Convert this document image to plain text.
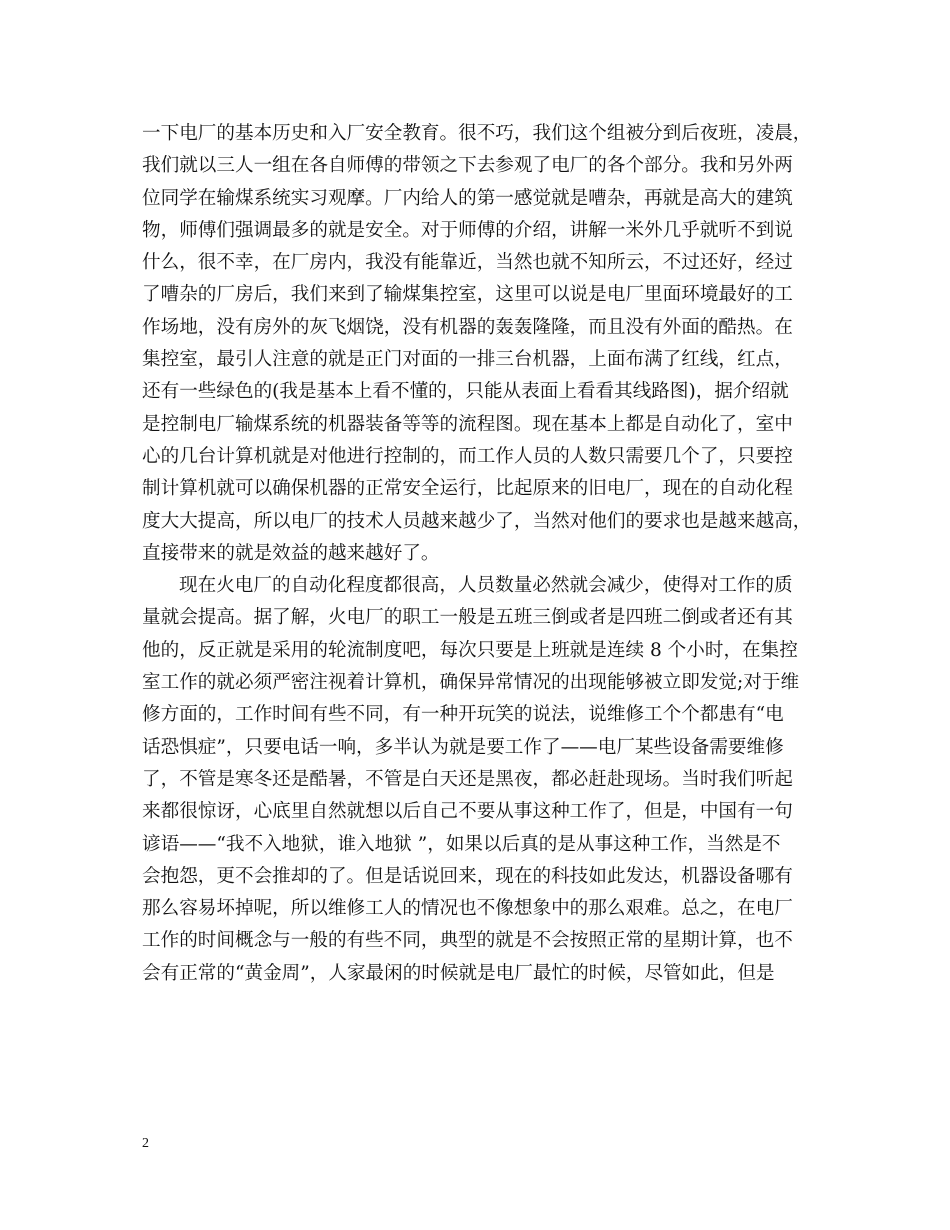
一下电厂的基本历史和入厂安全教育。很不巧，我们这个组被分到后夜班，凌晨，
我们就以三人一组在各自师傅的带领之下去参观了电厂的各个部分。我和另外两
位同学在输煤系统实习观摩。厂内给人的第一感觉就是嘈杂，再就是高大的建筑
物，师傅们强调最多的就是安全。对于师傅的介绍，讲解一米外几乎就听不到说
什么，很不幸，在厂房内，我没有能靠近，当然也就不知所云，不过还好，经过
了嘈杂的厂房后，我们来到了输煤集控室，这里可以说是电厂里面环境最好的工
作场地，没有房外的灰飞烟饶，没有机器的轰轰隆隆，而且没有外面的酷热。在
集控室，最引人注意的就是正门对面的一排三台机器，上面布满了红线，红点，
还有一些绿色的(我是基本上看不懂的，只能从表面上看看其线路图)，据介绍就
是控制电厂输煤系统的机器装备等等的流程图。现在基本上都是自动化了，室中
心的几台计算机就是对他进行控制的，而工作人员的人数只需要几个了，只要控
制计算机就可以确保机器的正常安全运行，比起原来的旧电厂，现在的自动化程
度大大提高，所以电厂的技术人员越来越少了，当然对他们的要求也是越来越高，
直接带来的就是效益的越来越好了。
现在火电厂的自动化程度都很高，人员数量必然就会减少，使得对工作的质
量就会提高。据了解，火电厂的职工一般是五班三倒或者是四班二倒或者还有其
他的，反正就是采用的轮流制度吧，每次只要是上班就是连续 8 个小时，在集控
室工作的就必须严密注视着计算机，确保异常情况的出现能够被立即发觉;对于维
修方面的，工作时间有些不同，有一种开玩笑的说法，说维修工个个都患有“电
话恐惧症”，只要电话一响，多半认为就是要工作了——电厂某些设备需要维修
了，不管是寒冬还是酷暑，不管是白天还是黑夜，都必赶赴现场。当时我们听起
来都很惊讶，心底里自然就想以后自己不要从事这种工作了，但是，中国有一句
谚语——“我不入地狱，谁入地狱 ”，如果以后真的是从事这种工作，当然是不
会抱怨，更不会推却的了。但是话说回来，现在的科技如此发达，机器设备哪有
那么容易坏掉呢，所以维修工人的情况也不像想象中的那么艰难。总之，在电厂
工作的时间概念与一般的有些不同，典型的就是不会按照正常的星期计算，也不
会有正常的“黄金周”，人家最闲的时候就是电厂最忙的时候，尽管如此，但是
2
